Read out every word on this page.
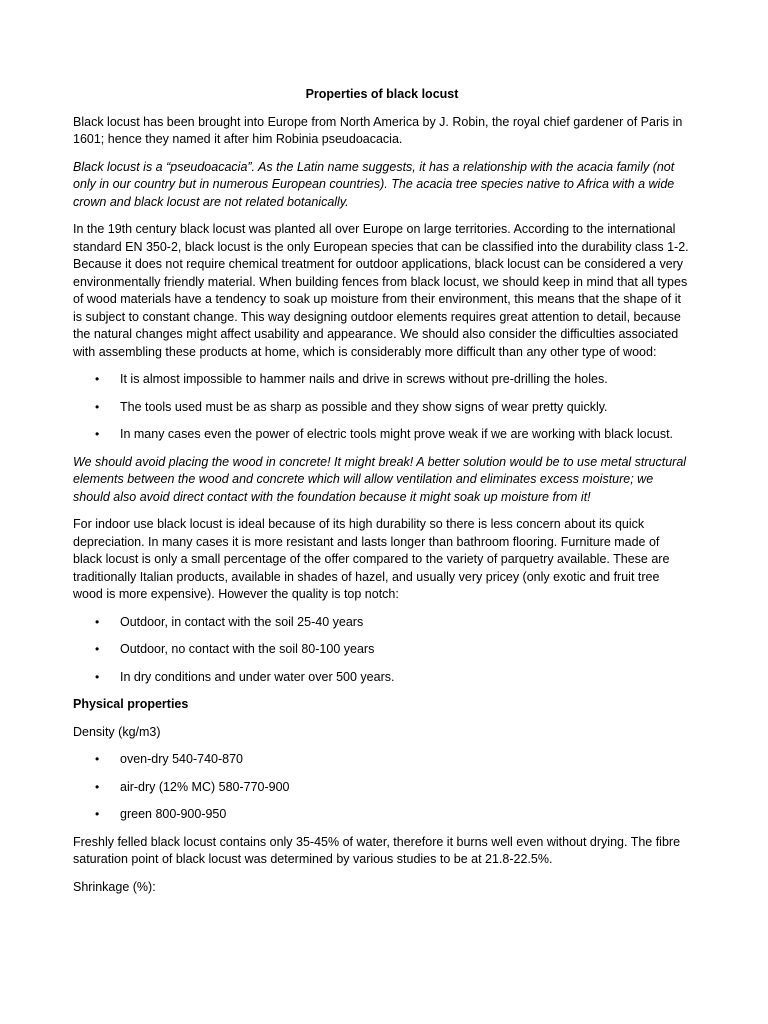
Properties of black locust

Black locust has been brought into Europe from North America by J. Robin, the royal chief gardener of Paris in 1601; hence they named it after him Robinia pseudoacacia.

Black locust is a “pseudoacacia”. As the Latin name suggests, it has a relationship with the acacia family (not only in our country but in numerous European countries). The acacia tree species native to Africa with a wide crown and black locust are not related botanically.

In the 19th century black locust was planted all over Europe on large territories. According to the international standard EN 350-2, black locust is the only European species that can be classified into the durability class 1-2. Because it does not require chemical treatment for outdoor applications, black locust can be considered a very environmentally friendly material. When building fences from black locust, we should keep in mind that all types of wood materials have a tendency to soak up moisture from their environment, this means that the shape of it is subject to constant change. This way designing outdoor elements requires great attention to detail, because the natural changes might affect usability and appearance. We should also consider the difficulties associated with assembling these products at home, which is considerably more difficult than any other type of wood:

• It is almost impossible to hammer nails and drive in screws without pre-drilling the holes.
• The tools used must be as sharp as possible and they show signs of wear pretty quickly.
• In many cases even the power of electric tools might prove weak if we are working with black locust.

We should avoid placing the wood in concrete! It might break! A better solution would be to use metal structural elements between the wood and concrete which will allow ventilation and eliminates excess moisture; we should also avoid direct contact with the foundation because it might soak up moisture from it!

For indoor use black locust is ideal because of its high durability so there is less concern about its quick depreciation. In many cases it is more resistant and lasts longer than bathroom flooring. Furniture made of black locust is only a small percentage of the offer compared to the variety of parquetry available. These are traditionally Italian products, available in shades of hazel, and usually very pricey (only exotic and fruit tree wood is more expensive). However the quality is top notch:

• Outdoor, in contact with the soil 25-40 years
• Outdoor, no contact with the soil 80-100 years
• In dry conditions and under water over 500 years.
Physical properties

Density (kg/m3)

• oven-dry 540-740-870
• air-dry (12% MC) 580-770-900
• green 800-900-950

Freshly felled black locust contains only 35-45% of water, therefore it burns well even without drying. The fibre saturation point of black locust was determined by various studies to be at 21.8-22.5%.

Shrinkage (%):
